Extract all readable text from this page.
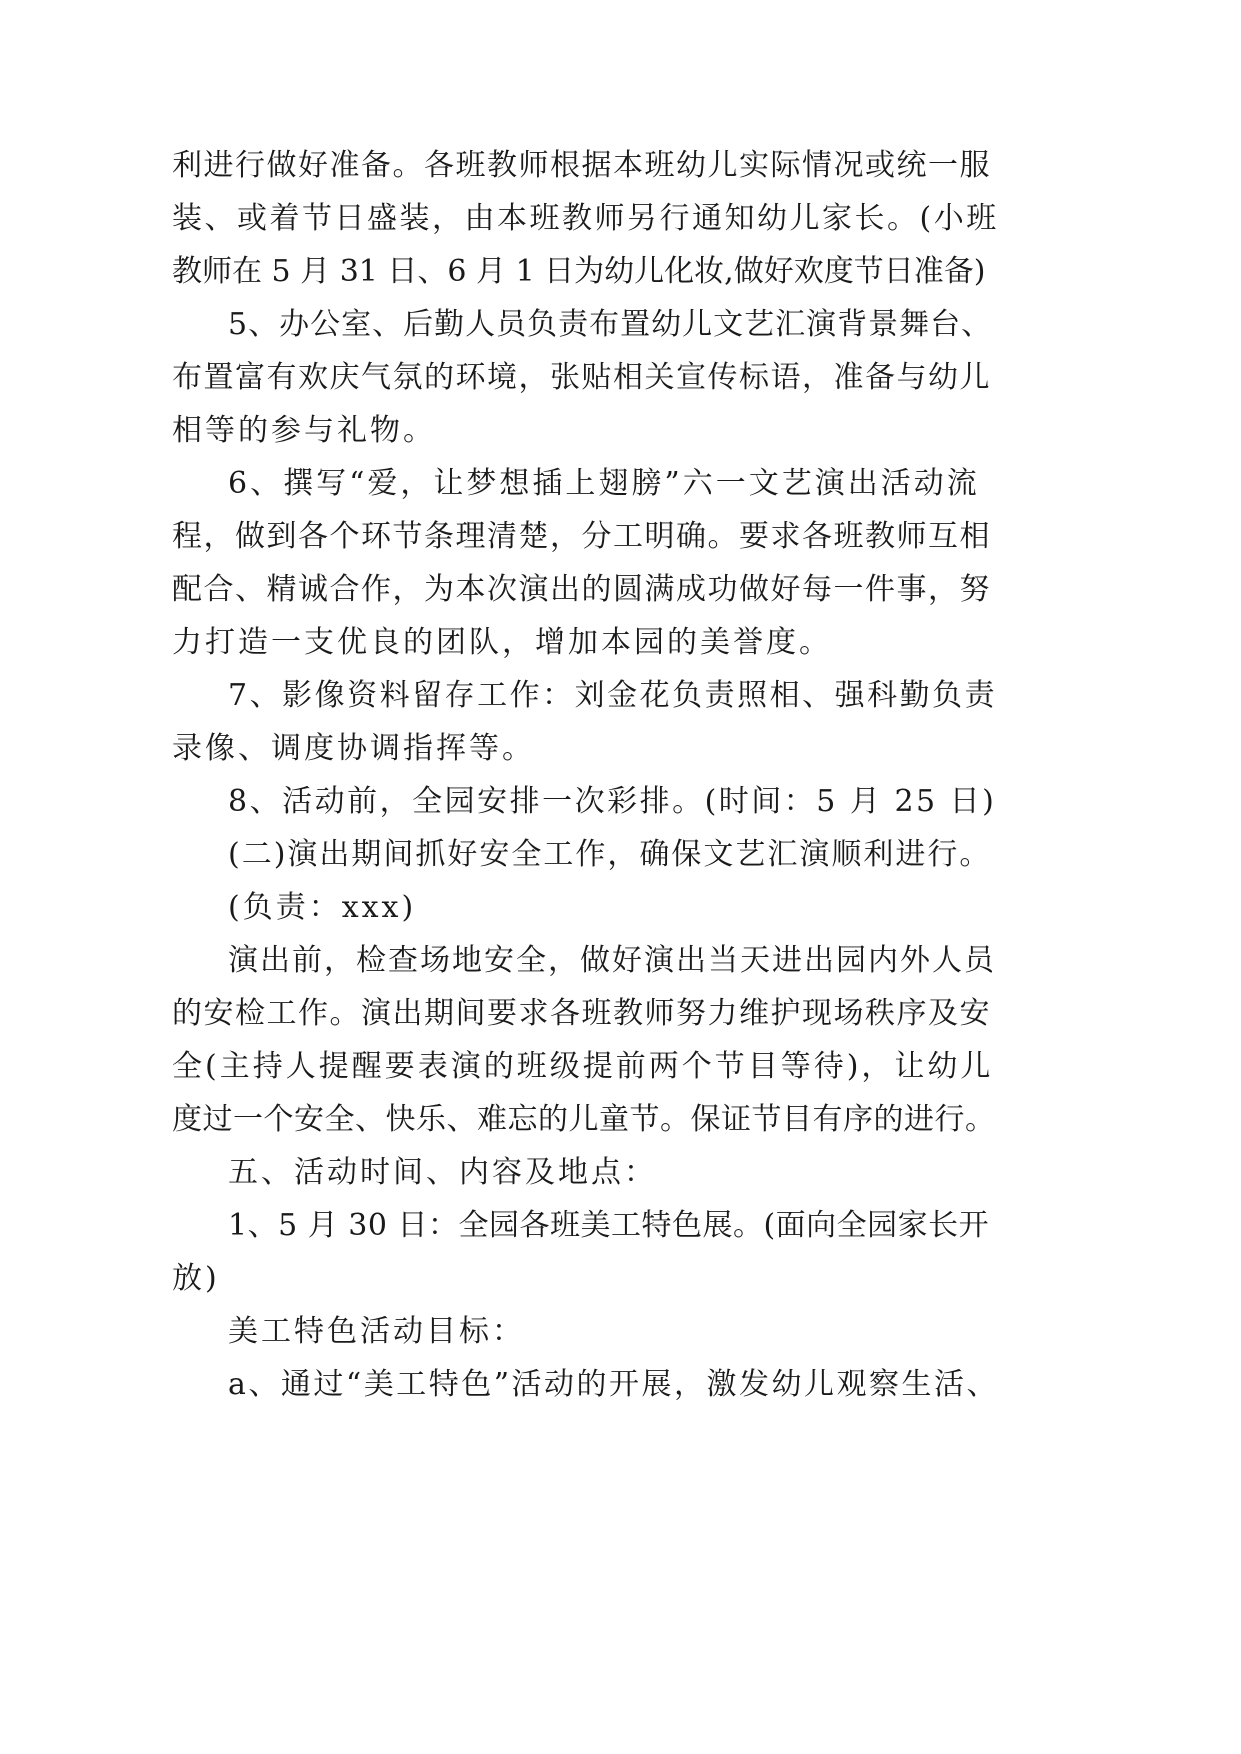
利进行做好准备。各班教师根据本班幼儿实际情况或统一服
装、或着节日盛装，由本班教师另行通知幼儿家长。(小班
教师在 5 月 31 日、6 月 1 日为幼儿化妆,做好欢度节日准备)
5、办公室、后勤人员负责布置幼儿文艺汇演背景舞台、
布置富有欢庆气氛的环境，张贴相关宣传标语，准备与幼儿
相等的参与礼物。
6、撰写“爱，让梦想插上翅膀”六一文艺演出活动流
程，做到各个环节条理清楚，分工明确。要求各班教师互相
配合、精诚合作，为本次演出的圆满成功做好每一件事，努
力打造一支优良的团队，增加本园的美誉度。
7、影像资料留存工作：刘金花负责照相、强科勤负责
录像、调度协调指挥等。
8、活动前，全园安排一次彩排。(时间：5 月 25 日)
(二)演出期间抓好安全工作，确保文艺汇演顺利进行。
(负责：xxx)
演出前，检查场地安全，做好演出当天进出园内外人员
的安检工作。演出期间要求各班教师努力维护现场秩序及安
全(主持人提醒要表演的班级提前两个节目等待)，让幼儿
度过一个安全、快乐、难忘的儿童节。保证节目有序的进行。
五、活动时间、内容及地点：
1、5 月 30 日：全园各班美工特色展。(面向全园家长开
放)
美工特色活动目标：
a、通过“美工特色”活动的开展，激发幼儿观察生活、
